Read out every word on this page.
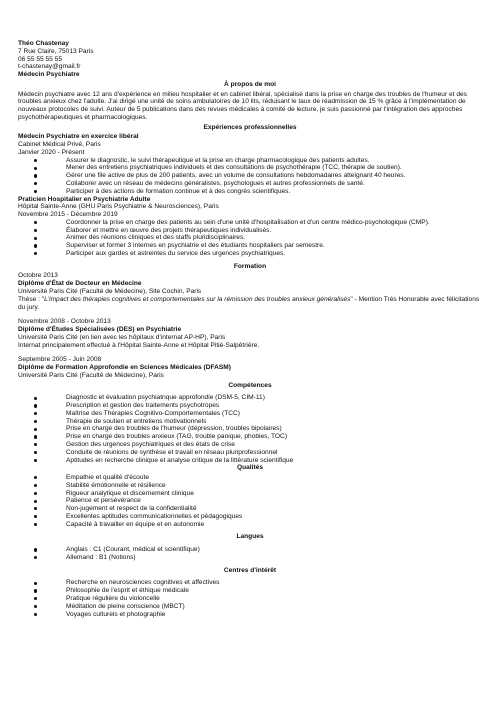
Théo Chastenay

7 Rue Claire, 75013 Paris

06 55 55 55 55

t-chastenay@gmail.fr

Médecin Psychiatre

À propos de moi

Médecin psychiatre avec 12 ans d'expérience en milieu hospitalier et en cabinet libéral, spécialisé dans la prise en charge des troubles de l'humeur et des troubles anxieux chez l'adulte. J'ai dirigé une unité de soins ambulatoires de 10 lits, réduisant le taux de réadmission de 15 % grâce à l'implémentation de nouveaux protocoles de suivi. Auteur de 5 publications dans des revues médicales à comité de lecture, je suis passionné par l'intégration des approches psychothérapeutiques et pharmacologiques.

Expériences professionnelles

Médecin Psychiatre en exercice libéral

Cabinet Médical Privé, Paris

Janvier 2020 - Présent

Assurer le diagnostic, le suivi thérapeutique et la prise en charge pharmacologique des patients adultes.
Mener des entretiens psychiatriques individuels et des consultations de psychothérapie (TCC, thérapie de soutien).
Gérer une file active de plus de 200 patients, avec un volume de consultations hebdomadaires atteignant 40 heures.
Collaborer avec un réseau de médecins généralistes, psychologues et autres professionnels de santé.
Participer à des actions de formation continue et à des congrès scientifiques.

Praticien Hospitalier en Psychiatrie Adulte

Hôpital Sainte-Anne (GHU Paris Psychiatrie & Neurosciences), Paris

Novembre 2015 - Décembre 2019

Coordonner la prise en charge des patients au sein d'une unité d'hospitalisation et d'un centre médico-psychologique (CMP).
Élaborer et mettre en œuvre des projets thérapeutiques individualisés.
Animer des réunions cliniques et des staffs pluridisciplinaires.
Superviser et former 3 internes en psychiatrie et des étudiants hospitaliers par semestre.
Participer aux gardes et astreintes du service des urgences psychiatriques.

Formation

Octobre 2013

Diplôme d'État de Docteur en Médecine

Université Paris Cité (Faculté de Médecine), Site Cochin, Paris

Thèse : "L'impact des thérapies cognitives et comportementales sur la rémission des troubles anxieux généralisés" - Mention Très Honorable avec félicitations du jury.

Novembre 2008 - Octobre 2013

Diplôme d'Études Spécialisées (DES) en Psychiatrie

Université Paris Cité (en lien avec les hôpitaux d'internat AP-HP), Paris

Internat principalement effectué à l'Hôpital Sainte-Anne et Hôpital Pitié-Salpêtrière.

Septembre 2005 - Juin 2008

Diplôme de Formation Approfondie en Sciences Médicales (DFASM)

Université Paris Cité (Faculté de Médecine), Paris

Compétences

Diagnostic et évaluation psychiatrique approfondie (DSM-5, CIM-11)
Prescription et gestion des traitements psychotropes
Maîtrise des Thérapies Cognitivo-Comportementales (TCC)
Thérapie de soutien et entretiens motivationnels
Prise en charge des troubles de l'humeur (dépression, troubles bipolaires)
Prise en charge des troubles anxieux (TAG, trouble panique, phobies, TOC)
Gestion des urgences psychiatriques et des états de crise
Conduite de réunions de synthèse et travail en réseau pluriprofessionnel
Aptitudes en recherche clinique et analyse critique de la littérature scientifique

Qualités

Empathie et qualité d'écoute
Stabilité émotionnelle et résilience
Rigueur analytique et discernement clinique
Patience et persévérance
Non-jugement et respect de la confidentialité
Excellentes aptitudes communicationnelles et pédagogiques
Capacité à travailler en équipe et en autonomie

Langues

Anglais : C1 (Courant, médical et scientifique)
Allemand : B1 (Notions)

Centres d'intérêt

Recherche en neurosciences cognitives et affectives
Philosophie de l'esprit et éthique médicale
Pratique régulière du violoncelle
Méditation de pleine conscience (MBCT)
Voyages culturels et photographie
